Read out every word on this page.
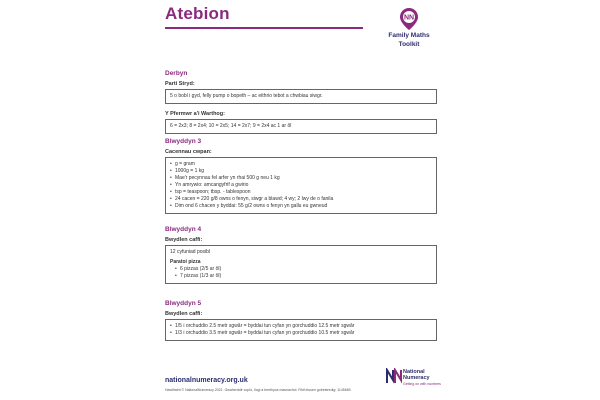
Atebion	NN
Family Maths
Toolkit
Derbyn
Parti Stryd:
5 o bobl i gyd, felly pump o bopeth – ac eithrio tebot a chwbiau siwgr.
Y Pfermwr a'i Warthog:
6 = 2x3; 8 = 2x4; 10 = 2x5; 14 = 2x7; 9 = 2x4 ac 1 ar ôl
Blwyddyn 3
Cacennau cwpan:
• g = gram
• 1000g = 1 kg
• Mae'r pecynnau fel arfer yn rhai 500 g neu 1 kg
• Yn amrywio: amcangyfrif a gwirio
• tsp = teaspoon; tbsp. - tablespoon
• 24 cacen = 220 g/8 owns o fenyn, siwgr a blawd; 4 wy; 2 lwy de o fanila
• Dim ond 6 chacen y byddai: 55 g/2 owns o fenyn yn gallu eu gwneud
Blwyddyn 4
Bwydlen caffi:
12 cyfuniad posibl
Paratoi pizza
• 6 pizzas (2/5 ar ôl)
• 7 pizzas (1/3 ar ôl)
Blwyddyn 5
Bwydlen caffi:
• 1/5 i orchuddio 2.5 metr sgwâr = byddai tun cyfan yn gorchuddio 12.5 metr sgwâr
• 1/3 i orchuddio 3.5 metr sgwâr = byddai tun cyfan yn gorchuddio 10.5 metr sgwâr
nationalnumeracy.org.uk
Hawlfraint © NationalNumeracy 2021. Gwaherddir copïo, llogi a benthyca masnachol. Rhif elusen gofrestredig: 1145669
National
Numeracy
Getting on with numbers
